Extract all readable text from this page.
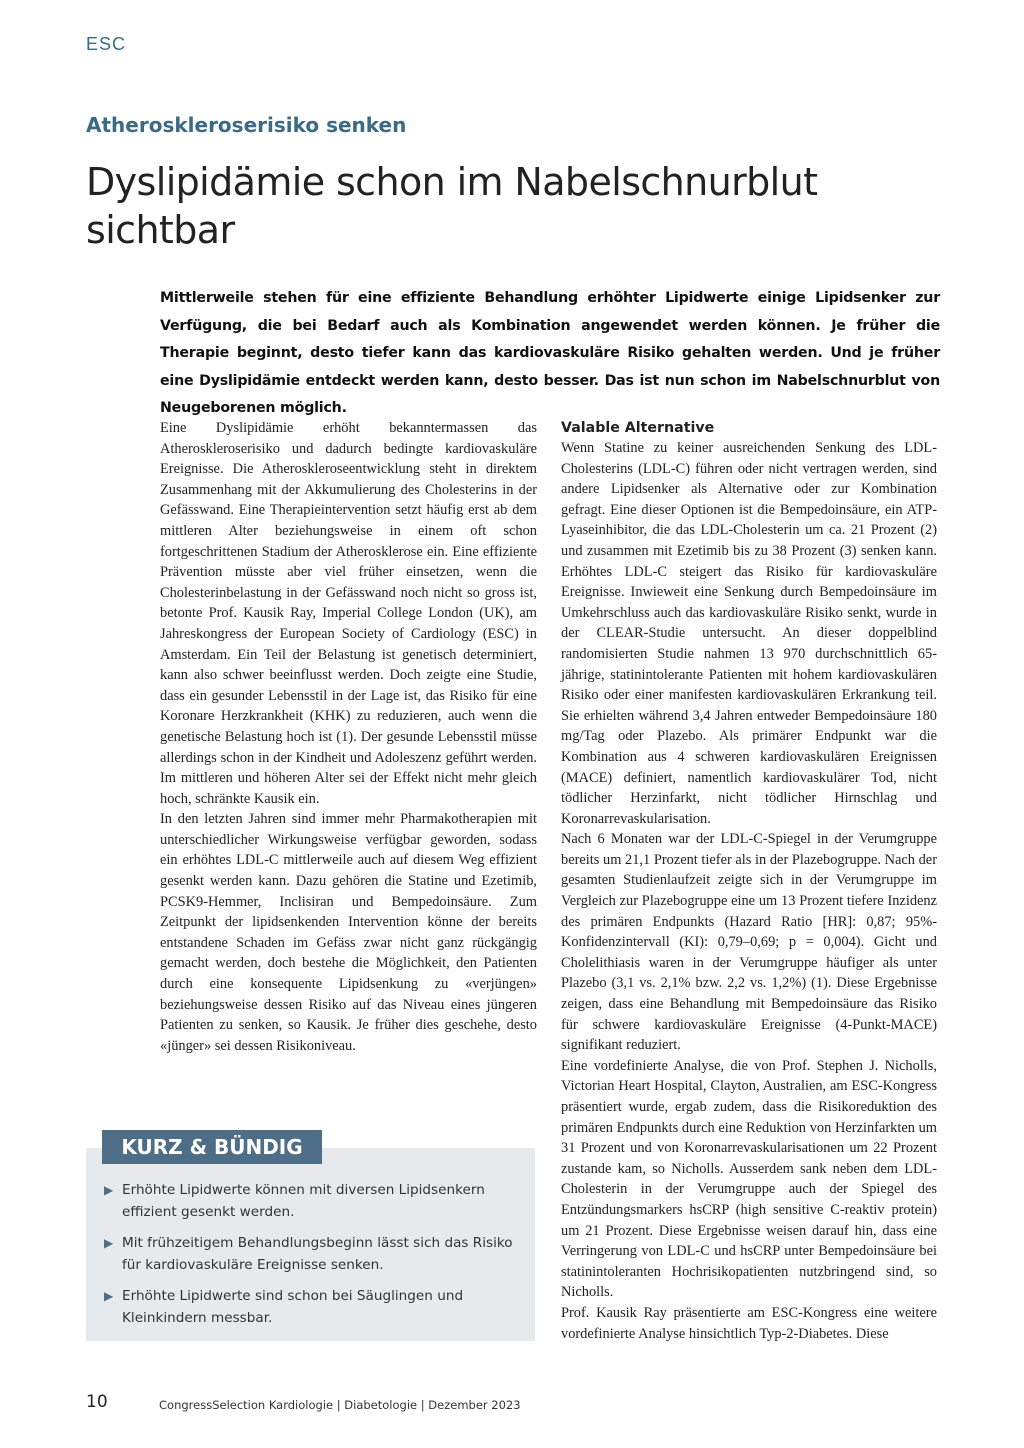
ESC
Atheroskleroserisiko senken
Dyslipidämie schon im Nabelschnurblut sichtbar

Mittlerweile stehen für eine effiziente Behandlung erhöhter Lipidwerte einige Lipidsenker zur Verfügung, die bei Bedarf auch als Kombination angewendet werden können. Je früher die Therapie beginnt, desto tiefer kann das kardiovaskuläre Risiko gehalten werden. Und je früher eine Dyslipidämie entdeckt werden kann, desto besser. Das ist nun schon im Nabelschnurblut von Neugeborenen möglich.

Eine Dyslipidämie erhöht bekanntermassen das Atheroskleroserisiko und dadurch bedingte kardiovaskuläre Ereignisse. Die Atheroskleroseentwicklung steht in direktem Zusammenhang mit der Akkumulierung des Cholesterins in der Gefässwand. Eine Therapieintervention setzt häufig erst ab dem mittleren Alter beziehungsweise in einem oft schon fortgeschrittenen Stadium der Atherosklerose ein. Eine effiziente Prävention müsste aber viel früher einsetzen, wenn die Cholesterinbelastung in der Gefässwand noch nicht so gross ist, betonte Prof. Kausik Ray, Imperial College London (UK), am Jahreskongress der European Society of Cardiology (ESC) in Amsterdam. Ein Teil der Belastung ist genetisch determiniert, kann also schwer beeinflusst werden. Doch zeigte eine Studie, dass ein gesunder Lebensstil in der Lage ist, das Risiko für eine Koronare Herzkrankheit (KHK) zu reduzieren, auch wenn die genetische Belastung hoch ist (1). Der gesunde Lebensstil müsse allerdings schon in der Kindheit und Adoleszenz geführt werden. Im mittleren und höheren Alter sei der Effekt nicht mehr gleich hoch, schränkte Kausik ein.

In den letzten Jahren sind immer mehr Pharmakotherapien mit unterschiedlicher Wirkungsweise verfügbar geworden, sodass ein erhöhtes LDL-C mittlerweile auch auf diesem Weg effizient gesenkt werden kann. Dazu gehören die Statine und Ezetimib, PCSK9-Hemmer, Inclisiran und Bempedoinsäure. Zum Zeitpunkt der lipidsenkenden Intervention könne der bereits entstandene Schaden im Gefäss zwar nicht ganz rückgängig gemacht werden, doch bestehe die Möglichkeit, den Patienten durch eine konsequente Lipidsenkung zu «verjüngen» beziehungsweise dessen Risiko auf das Niveau eines jüngeren Patienten zu senken, so Kausik. Je früher dies geschehe, desto «jünger» sei dessen Risikoniveau.

Valable Alternative

Wenn Statine zu keiner ausreichenden Senkung des LDL-Cholesterins (LDL-C) führen oder nicht vertragen werden, sind andere Lipidsenker als Alternative oder zur Kombination gefragt. Eine dieser Optionen ist die Bempedoinsäure, ein ATP-Lyaseinhibitor, die das LDL-Cholesterin um ca. 21 Prozent (2) und zusammen mit Ezetimib bis zu 38 Prozent (3) senken kann. Erhöhtes LDL-C steigert das Risiko für kardiovaskuläre Ereignisse. Inwieweit eine Senkung durch Bempedoinsäure im Umkehrschluss auch das kardiovaskuläre Risiko senkt, wurde in der CLEAR-Studie untersucht. An dieser doppelblind randomisierten Studie nahmen 13 970 durchschnittlich 65-jährige, statinintolerante Patienten mit hohem kardiovaskulären Risiko oder einer manifesten kardiovaskulären Erkrankung teil. Sie erhielten während 3,4 Jahren entweder Bempedoinsäure 180 mg/Tag oder Plazebo. Als primärer Endpunkt war die Kombination aus 4 schweren kardiovaskulären Ereignissen (MACE) definiert, namentlich kardiovaskulärer Tod, nicht tödlicher Herzinfarkt, nicht tödlicher Hirnschlag und Koronarrevaskularisation.

Nach 6 Monaten war der LDL-C-Spiegel in der Verumgruppe bereits um 21,1 Prozent tiefer als in der Plazebogruppe. Nach der gesamten Studienlaufzeit zeigte sich in der Verumgruppe im Vergleich zur Plazebogruppe eine um 13 Prozent tiefere Inzidenz des primären Endpunkts (Hazard Ratio [HR]: 0,87; 95%-Konfidenzintervall (KI): 0,79–0,69; p = 0,004). Gicht und Cholelithiasis waren in der Verumgruppe häufiger als unter Plazebo (3,1 vs. 2,1% bzw. 2,2 vs. 1,2%) (1). Diese Ergebnisse zeigen, dass eine Behandlung mit Bempedoinsäure das Risiko für schwere kardiovaskuläre Ereignisse (4-Punkt-MACE) signifikant reduziert.

Eine vordefinierte Analyse, die von Prof. Stephen J. Nicholls, Victorian Heart Hospital, Clayton, Australien, am ESC-Kongress präsentiert wurde, ergab zudem, dass die Risikoreduktion des primären Endpunkts durch eine Reduktion von Herzinfarkten um 31 Prozent und von Koronarrevaskularisationen um 22 Prozent zustande kam, so Nicholls. Ausserdem sank neben dem LDL-Cholesterin in der Verumgruppe auch der Spiegel des Entzündungsmarkers hsCRP (high sensitive C-reaktiv protein) um 21 Prozent. Diese Ergebnisse weisen darauf hin, dass eine Verringerung von LDL-C und hsCRP unter Bempedoinsäure bei statinintoleranten Hochrisikopatienten nutzbringend sind, so Nicholls.

Prof. Kausik Ray präsentierte am ESC-Kongress eine weitere vordefinierte Analyse hinsichtlich Typ-2-Diabetes. Diese

KURZ & BÜNDIG
▶ Erhöhte Lipidwerte können mit diversen Lipidsenkern effizient gesenkt werden.
▶ Mit frühzeitigem Behandlungsbeginn lässt sich das Risiko für kardiovaskuläre Ereignisse senken.
▶ Erhöhte Lipidwerte sind schon bei Säuglingen und Kleinkindern messbar.
10	CongressSelection Kardiologie | Diabetologie | Dezember 2023
